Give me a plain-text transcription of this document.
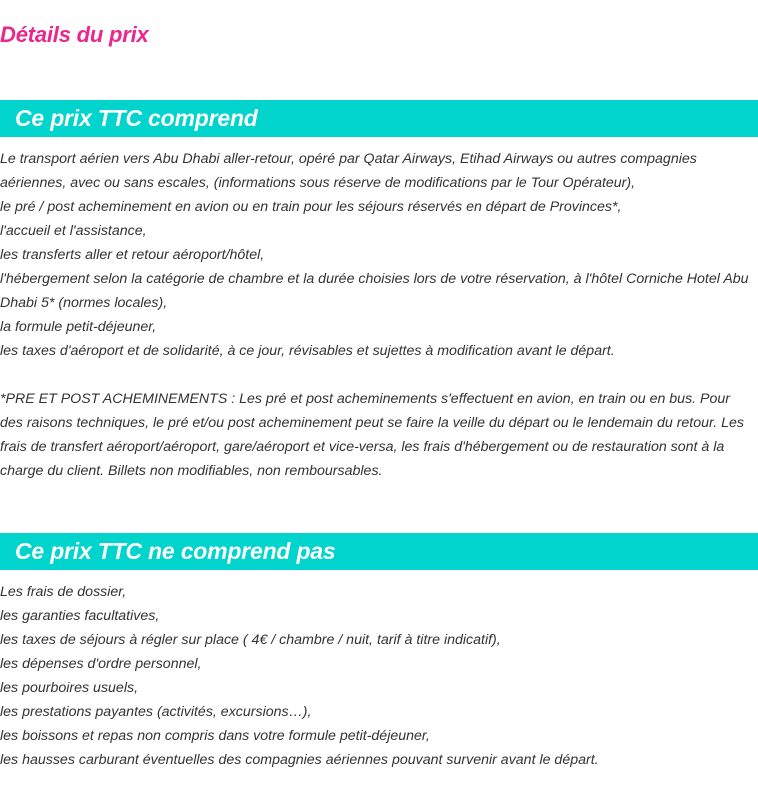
Détails du prix
Ce prix TTC comprend

Le transport aérien vers Abu Dhabi aller-retour, opéré par Qatar Airways, Etihad Airways ou autres compagnies aériennes, avec ou sans escales, (informations sous réserve de modifications par le Tour Opérateur),

le pré / post acheminement en avion ou en train pour les séjours réservés en départ de Provinces*,

l'accueil et l'assistance,

les transferts aller et retour aéroport/hôtel,

l'hébergement selon la catégorie de chambre et la durée choisies lors de votre réservation, à l'hôtel Corniche Hotel Abu Dhabi 5* (normes locales),

la formule petit-déjeuner,

les taxes d'aéroport et de solidarité, à ce jour, révisables et sujettes à modification avant le départ.

*PRE ET POST ACHEMINEMENTS : Les pré et post acheminements s'effectuent en avion, en train ou en bus. Pour des raisons techniques, le pré et/ou post acheminement peut se faire la veille du départ ou le lendemain du retour. Les frais de transfert aéroport/aéroport, gare/aéroport et vice-versa, les frais d'hébergement ou de restauration sont à la charge du client. Billets non modifiables, non remboursables.

Ce prix TTC ne comprend pas

Les frais de dossier,

les garanties facultatives,

les taxes de séjours à régler sur place ( 4€ / chambre / nuit, tarif à titre indicatif),

les dépenses d'ordre personnel,

les pourboires usuels,

les prestations payantes (activités, excursions…),

les boissons et repas non compris dans votre formule petit-déjeuner,

les hausses carburant éventuelles des compagnies aériennes pouvant survenir avant le départ.
